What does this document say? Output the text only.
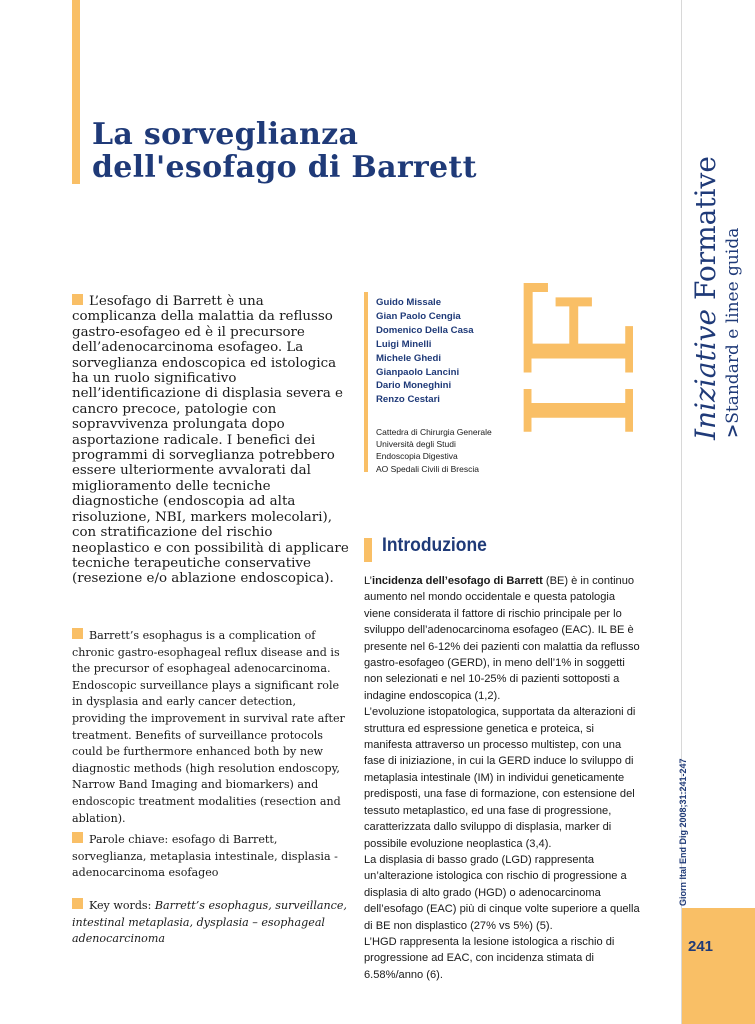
La sorveglianza
dell'esofago di Barrett
IF Iniziative Formative
>Standard e linee guida
Giorn Ital End Dig 2008;31:241-247
241

L’esofago di Barrett è una complicanza della malattia da reflusso gastro-esofageo ed è il precursore dell’adenocarcinoma esofageo. La sorveglianza endoscopica ed istologica ha un ruolo significativo nell’identificazione di displasia severa e cancro precoce, patologie con sopravvivenza prolungata dopo asportazione radicale. I benefici dei programmi di sorveglianza potrebbero essere ulteriormente avvalorati dal miglioramento delle tecniche diagnostiche (endoscopia ad alta risoluzione, NBI, markers molecolari), con stratificazione del rischio neoplastico e con possibilità di applicare tecniche terapeutiche conservative (resezione e/o ablazione endoscopica).

Barrett’s esophagus is a complication of chronic gastro-esophageal reflux disease and is the precursor of esophageal adenocarcinoma. Endoscopic surveillance plays a significant role in dysplasia and early cancer detection, providing the improvement in survival rate after treatment. Benefits of surveillance protocols could be furthermore enhanced both by new diagnostic methods (high resolution endoscopy, Narrow Band Imaging and biomarkers) and endoscopic treatment modalities (resection and ablation).

Parole chiave: esofago di Barrett, sorveglianza, metaplasia intestinale, displasia - adenocarcinoma esofageo

Key words: Barrett’s esophagus, surveillance, intestinal metaplasia, dysplasia – esophageal adenocarcinoma

Guido Missale
Gian Paolo Cengia
Domenico Della Casa
Luigi Minelli
Michele Ghedi
Gianpaolo Lancini
Dario Moneghini
Renzo Cestari
Cattedra di Chirurgia Generale
Università degli Studi
Endoscopia Digestiva
AO Spedali Civili di Brescia
Introduzione

L’incidenza dell’esofago di Barrett (BE) è in continuo aumento nel mondo occidentale e questa patologia viene considerata il fattore di rischio principale per lo sviluppo dell’adenocarcinoma esofageo (EAC). IL BE è presente nel 6-12% dei pazienti con malattia da reflusso gastro-esofageo (GERD), in meno dell’1% in soggetti non selezionati e nel 10-25% di pazienti sottoposti a indagine endoscopica (1,2).

L’evoluzione istopatologica, supportata da alterazioni di struttura ed espressione genetica e proteica, si manifesta attraverso un processo multistep, con una fase di iniziazione, in cui la GERD induce lo sviluppo di metaplasia intestinale (IM) in individui geneticamente predisposti, una fase di formazione, con estensione del tessuto metaplastico, ed una fase di progressione, caratterizzata dallo sviluppo di displasia, marker di possibile evoluzione neoplastica (3,4).

La displasia di basso grado (LGD) rappresenta un’alterazione istologica con rischio di progressione a displasia di alto grado (HGD) o adenocarcinoma dell’esofago (EAC) più di cinque volte superiore a quella di BE non displastico (27% vs 5%) (5).

L’HGD rappresenta la lesione istologica a rischio di progressione ad EAC, con incidenza stimata di 6.58%/anno (6).
